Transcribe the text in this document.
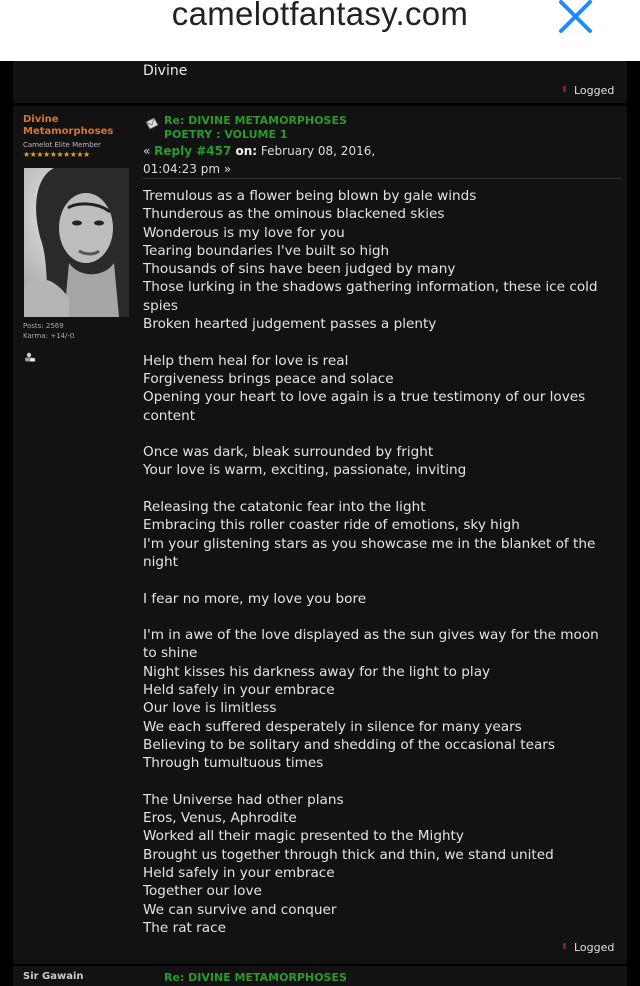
camelotfantasy.com
Divine
Logged
Divine
Metamorphoses
Camelot Elite Member
★★★★★★★★★★
Posts: 2569
Karma: +14/-0
Re: DIVINE METAMORPHOSES
POETRY : VOLUME 1
« Reply #457 on: February 08, 2016,
01:04:23 pm »
Tremulous as a flower being blown by gale winds
Thunderous as the ominous blackened skies
Wonderous is my love for you
Tearing boundaries I've built so high
Thousands of sins have been judged by many
Those lurking in the shadows gathering information, these ice cold
spies
Broken hearted judgement passes a plenty
Help them heal for love is real
Forgiveness brings peace and solace
Opening your heart to love again is a true testimony of our loves
content
Once was dark, bleak surrounded by fright
Your love is warm, exciting, passionate, inviting
Releasing the catatonic fear into the light
Embracing this roller coaster ride of emotions, sky high
I'm your glistening stars as you showcase me in the blanket of the
night
I fear no more, my love you bore
I'm in awe of the love displayed as the sun gives way for the moon
to shine
Night kisses his darkness away for the light to play
Held safely in your embrace
Our love is limitless
We each suffered desperately in silence for many years
Believing to be solitary and shedding of the occasional tears
Through tumultuous times
The Universe had other plans
Eros, Venus, Aphrodite
Worked all their magic presented to the Mighty
Brought us together through thick and thin, we stand united
Held safely in your embrace
Together our love
We can survive and conquer
The rat race
Logged
Sir Gawain	Re: DIVINE METAMORPHOSES
